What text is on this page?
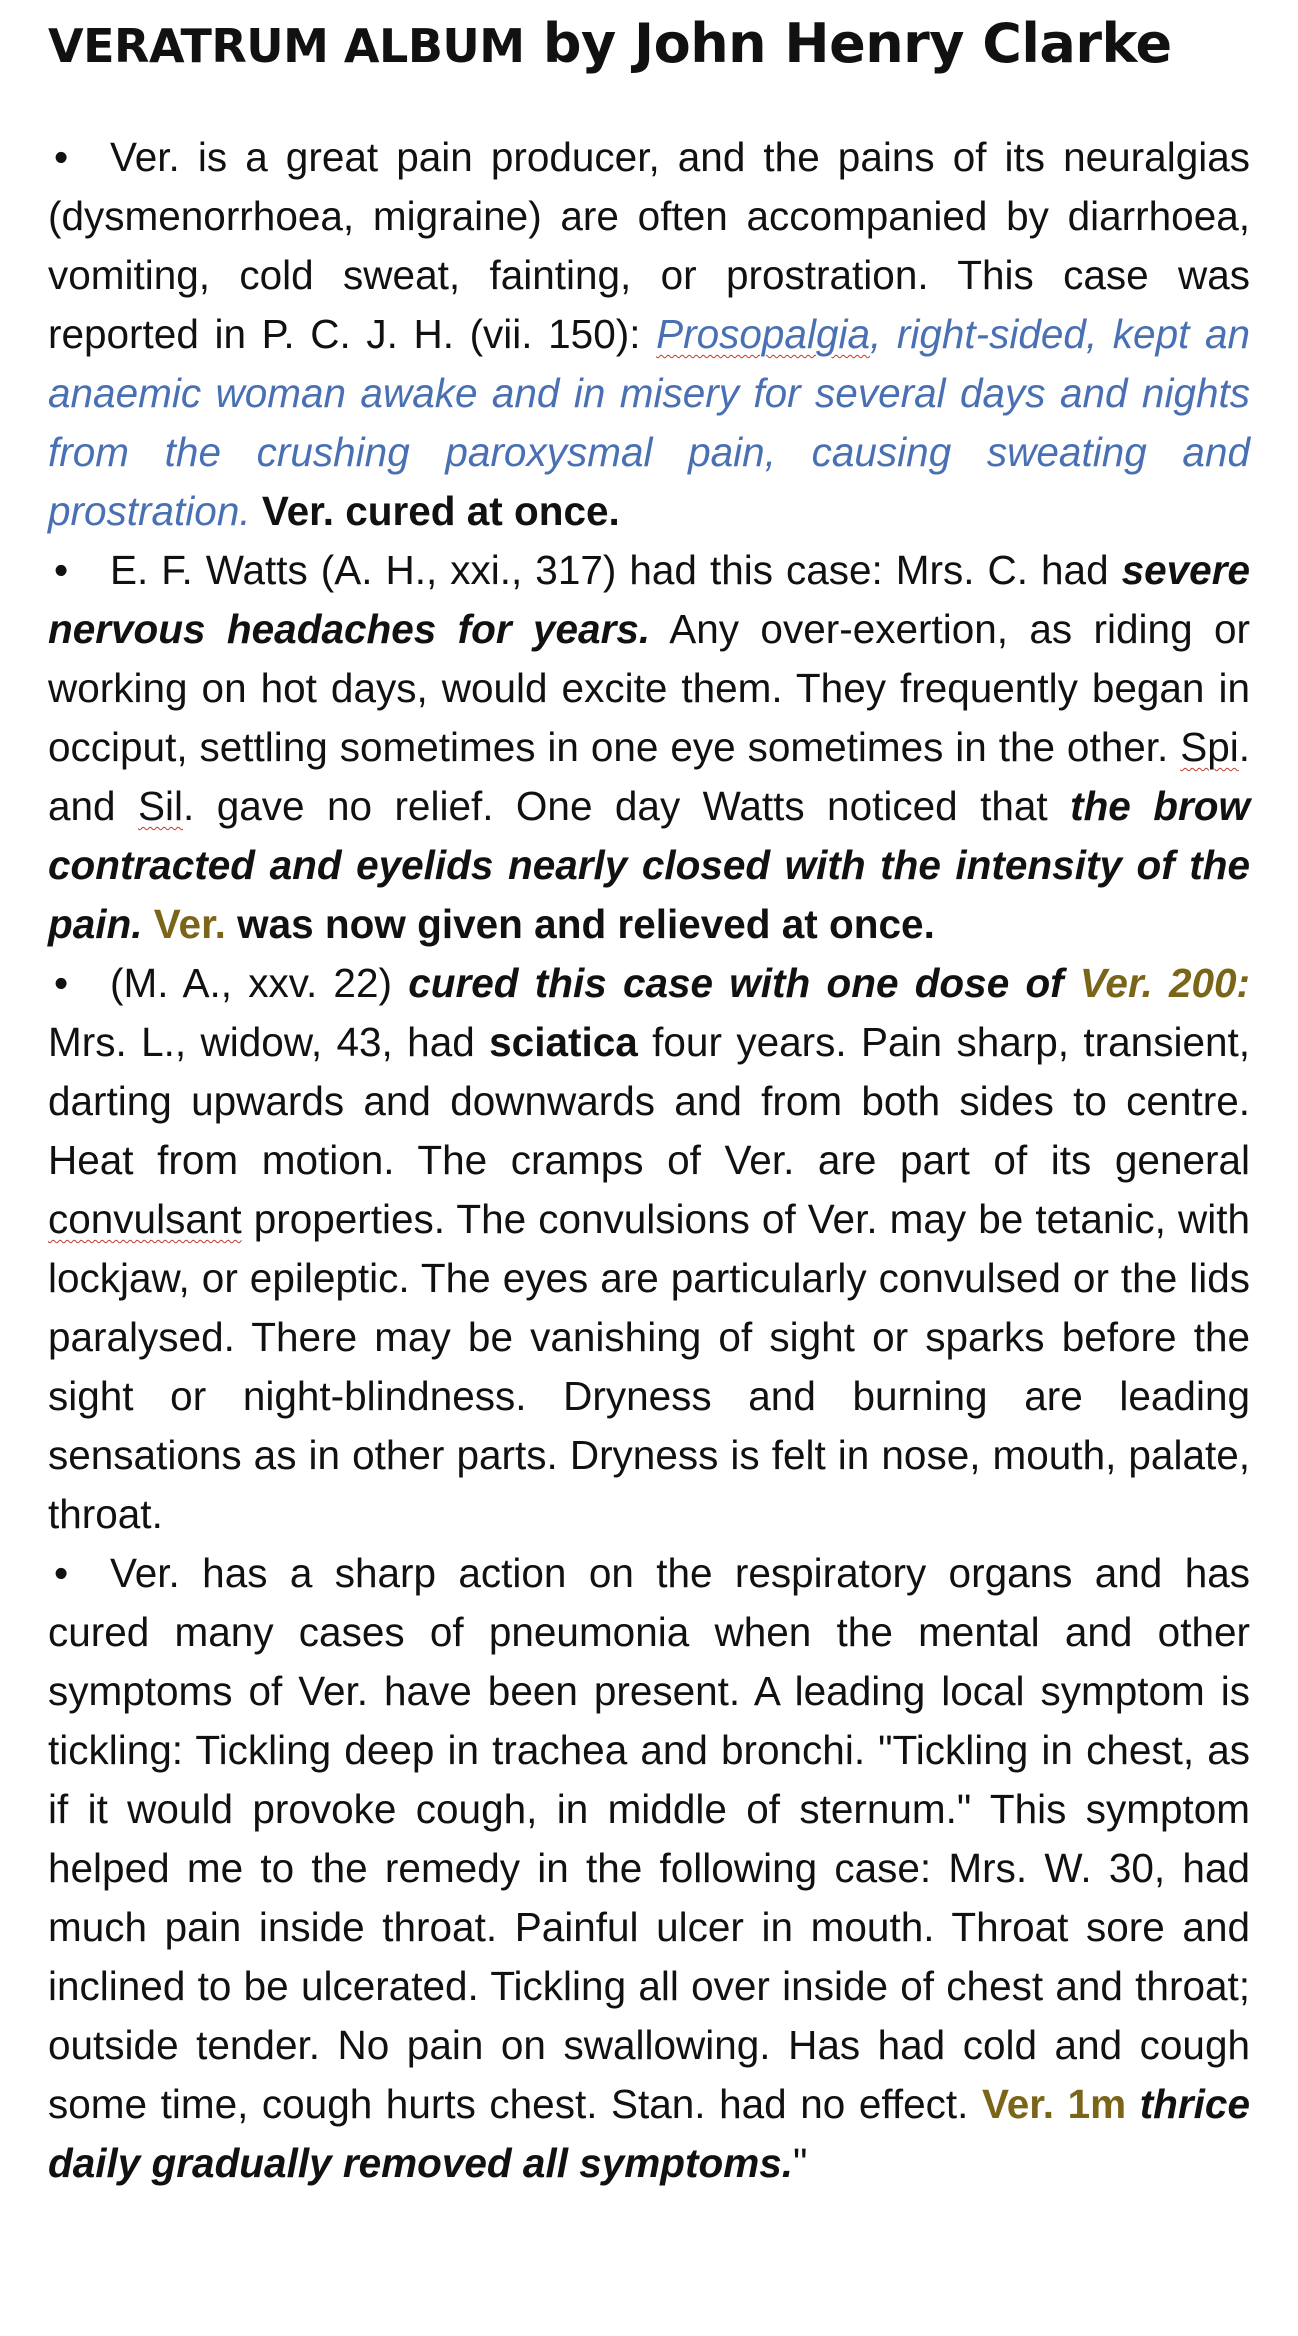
VERATRUM ALBUM by John Henry Clarke
• Ver. is a great pain producer, and the pains of its neuralgias (dysmenorrhoea, migraine) are often accompanied by diarrhoea, vomiting, cold sweat, fainting, or prostration. This case was reported in P. C. J. H. (vii. 150): Prosopalgia, right-sided, kept an anaemic woman awake and in misery for several days and nights from the crushing paroxysmal pain, causing sweating and prostration. Ver. cured at once.
• E. F. Watts (A. H., xxi., 317) had this case: Mrs. C. had severe nervous headaches for years. Any over-exertion, as riding or working on hot days, would excite them. They frequently began in occiput, settling sometimes in one eye sometimes in the other. Spi. and Sil. gave no relief. One day Watts noticed that the brow contracted and eyelids nearly closed with the intensity of the pain. Ver. was now given and relieved at once.
• (M. A., xxv. 22) cured this case with one dose of Ver. 200: Mrs. L., widow, 43, had sciatica four years. Pain sharp, transient, darting upwards and downwards and from both sides to centre. Heat from motion. The cramps of Ver. are part of its general convulsant properties. The convulsions of Ver. may be tetanic, with lockjaw, or epileptic. The eyes are particularly convulsed or the lids paralysed. There may be vanishing of sight or sparks before the sight or night-blindness. Dryness and burning are leading sensations as in other parts. Dryness is felt in nose, mouth, palate, throat.
• Ver. has a sharp action on the respiratory organs and has cured many cases of pneumonia when the mental and other symptoms of Ver. have been present. A leading local symptom is tickling: Tickling deep in trachea and bronchi. "Tickling in chest, as if it would provoke cough, in middle of sternum." This symptom helped me to the remedy in the following case: Mrs. W. 30, had much pain inside throat. Painful ulcer in mouth. Throat sore and inclined to be ulcerated. Tickling all over inside of chest and throat; outside tender. No pain on swallowing. Has had cold and cough some time, cough hurts chest. Stan. had no effect. Ver. 1m thrice daily gradually removed all symptoms."
